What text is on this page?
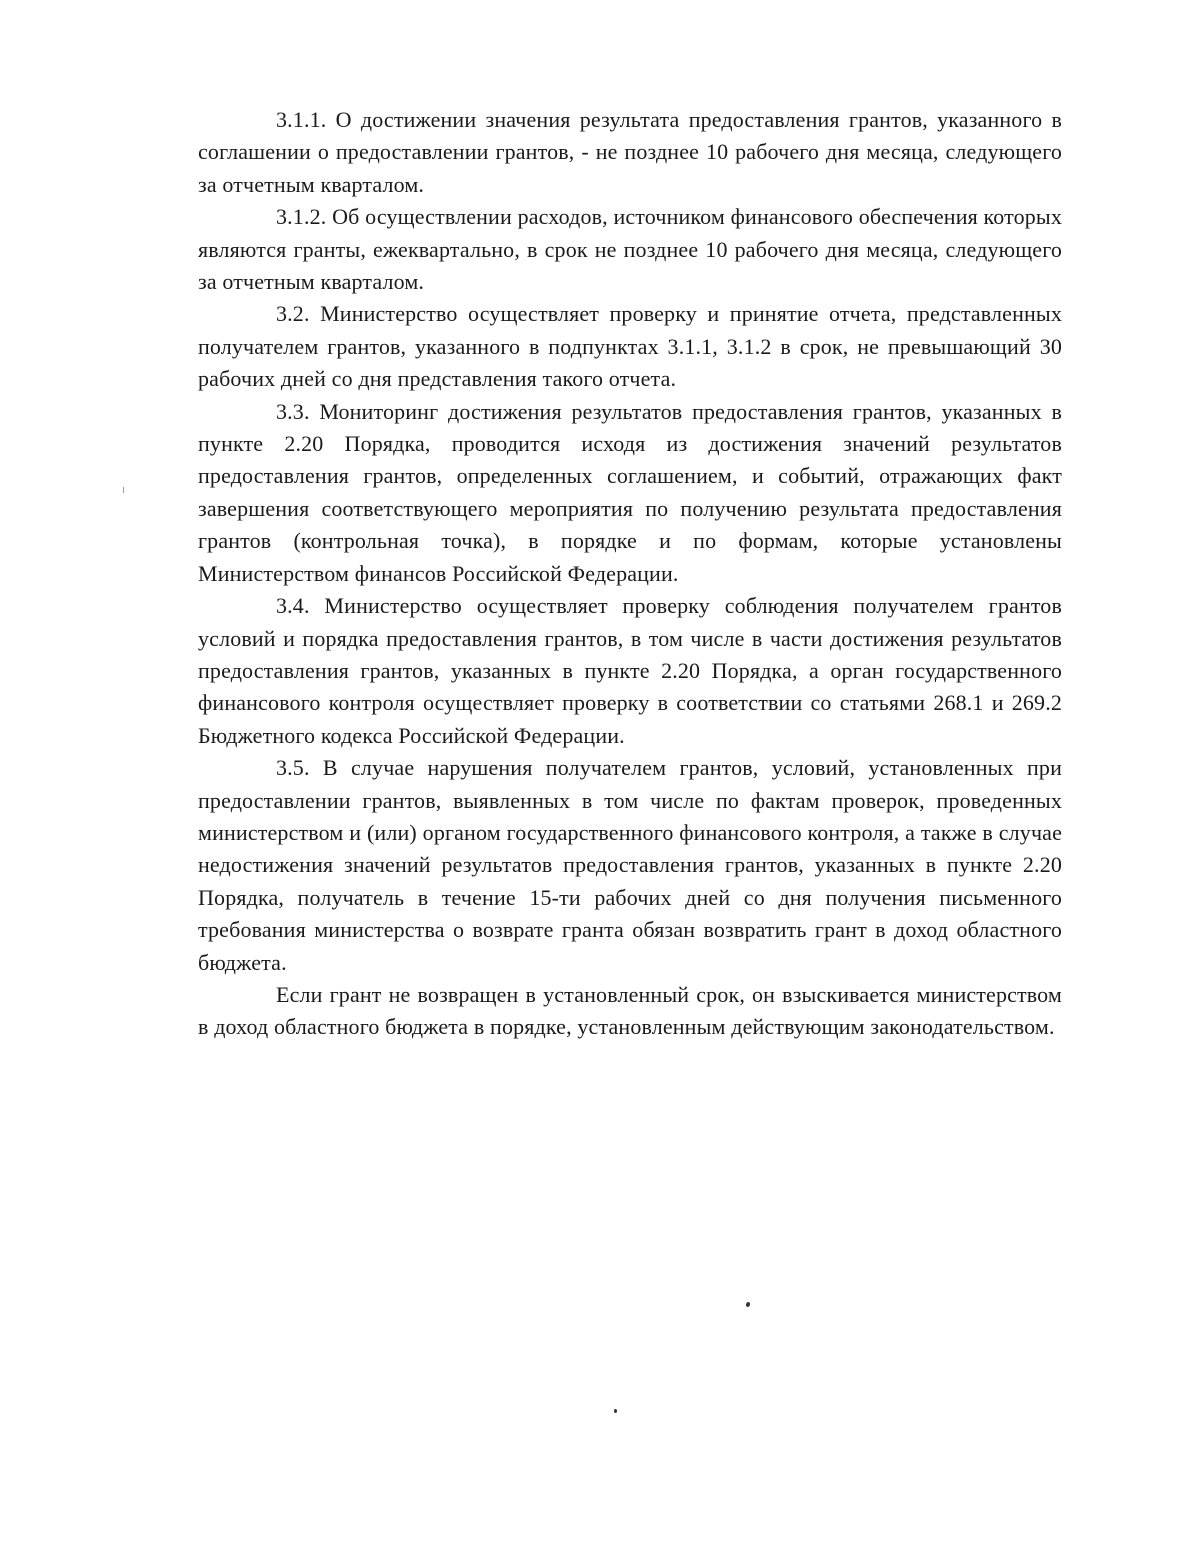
3.1.1. О достижении значения результата предоставления грантов, указанного в соглашении о предоставлении грантов, - не позднее 10 рабочего дня месяца, следующего за отчетным кварталом.

3.1.2. Об осуществлении расходов, источником финансового обеспечения которых являются гранты, ежеквартально, в срок не позднее 10 рабочего дня месяца, следующего за отчетным кварталом.

3.2. Министерство осуществляет проверку и принятие отчета, представленных получателем грантов, указанного в подпунктах 3.1.1, 3.1.2 в срок, не превышающий 30 рабочих дней со дня представления такого отчета.

3.3. Мониторинг достижения результатов предоставления грантов, указанных в пункте 2.20 Порядка, проводится исходя из достижения значений результатов предоставления грантов, определенных соглашением, и событий, отражающих факт завершения соответствующего мероприятия по получению результата предоставления грантов (контрольная точка), в порядке и по формам, которые установлены Министерством финансов Российской Федерации.

3.4. Министерство осуществляет проверку соблюдения получателем грантов условий и порядка предоставления грантов, в том числе в части достижения результатов предоставления грантов, указанных в пункте 2.20 Порядка, а орган государственного финансового контроля осуществляет проверку в соответствии со статьями 268.1 и 269.2 Бюджетного кодекса Российской Федерации.

3.5. В случае нарушения получателем грантов, условий, установленных при предоставлении грантов, выявленных в том числе по фактам проверок, проведенных министерством и (или) органом государственного финансового контроля, а также в случае недостижения значений результатов предоставления грантов, указанных в пункте 2.20 Порядка, получатель в течение 15-ти рабочих дней со дня получения письменного требования министерства о возврате гранта обязан возвратить грант в доход областного бюджета.

Если грант не возвращен в установленный срок, он взыскивается министерством в доход областного бюджета в порядке, установленным действующим законодательством.
